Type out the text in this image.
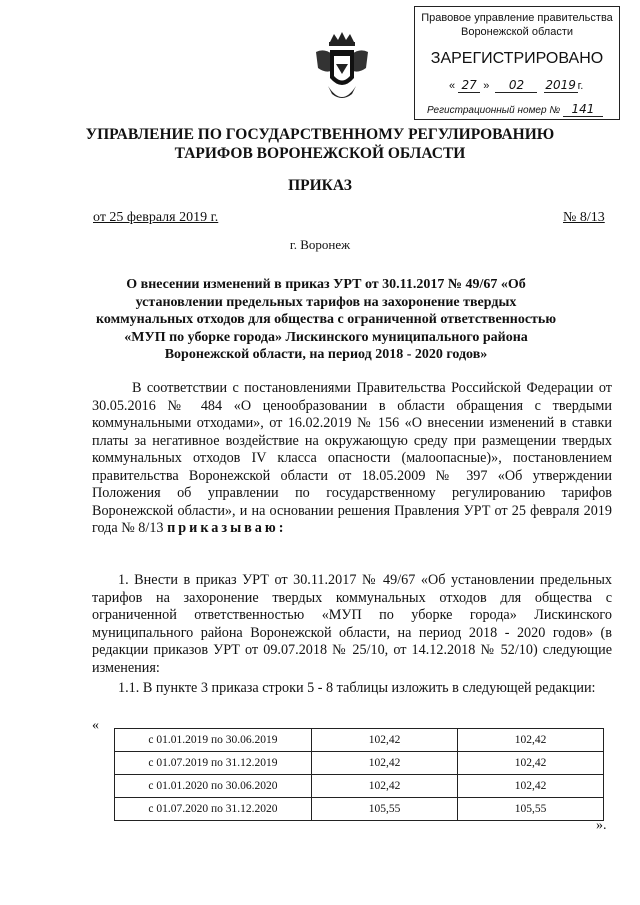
Правовое управление правительства
Воронежской области
ЗАРЕГИСТРИРОВАНО
« 27 »  02 2019 г.
Регистрационный номер № 141
УПРАВЛЕНИЕ ПО ГОСУДАРСТВЕННОМУ РЕГУЛИРОВАНИЮ
ТАРИФОВ ВОРОНЕЖСКОЙ ОБЛАСТИ
ПРИКАЗ
от 25 февраля 2019 г.	№ 8/13
г. Воронеж
О внесении изменений в приказ УРТ от 30.11.2017 № 49/67 «Об установлении предельных тарифов на захоронение твердых коммунальных отходов для общества с ограниченной ответственностью «МУП по уборке города» Лискинского муниципального района Воронежской области, на период 2018 - 2020 годов»
В соответствии с постановлениями Правительства Российской Федерации от 30.05.2016 № 484 «О ценообразовании в области обращения с твердыми коммунальными отходами», от 16.02.2019 № 156 «О внесении изменений в ставки платы за негативное воздействие на окружающую среду при размещении твердых коммунальных отходов IV класса опасности (малоопасные)», постановлением правительства Воронежской области от 18.05.2009 № 397 «Об утверждении Положения об управлении по государственному регулированию тарифов Воронежской области», и на основании решения Правления УРТ от 25 февраля 2019 года № 8/13 приказываю:
1. Внести в приказ УРТ от 30.11.2017 № 49/67 «Об установлении предельных тарифов на захоронение твердых коммунальных отходов для общества с ограниченной ответственностью «МУП по уборке города» Лискинского муниципального района Воронежской области, на период 2018 - 2020 годов» (в редакции приказов УРТ от 09.07.2018 № 25/10, от 14.12.2018 № 52/10) следующие изменения:
1.1. В пункте 3 приказа строки 5 - 8 таблицы изложить в следующей редакции:
«
с 01.01.2019 по 30.06.2019	102,42	102,42
с 01.07.2019 по 31.12.2019	102,42	102,42
с 01.01.2020 по 30.06.2020	102,42	102,42
с 01.07.2020 по 31.12.2020	105,55	105,55
».
